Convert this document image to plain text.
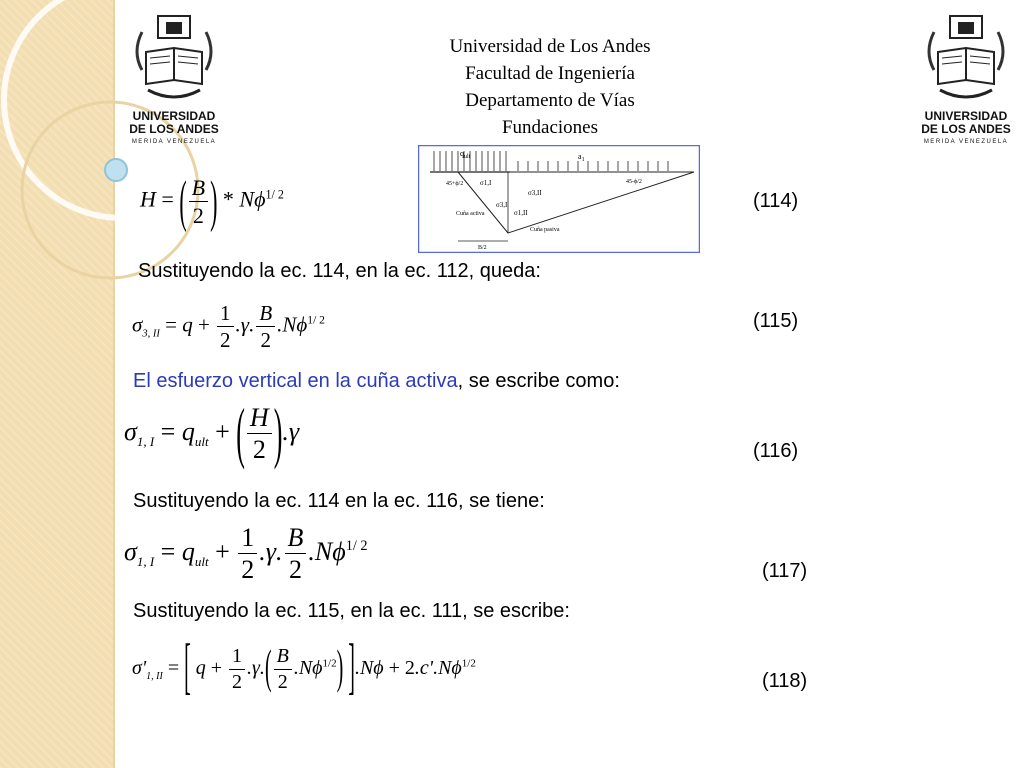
UNIVERSIDAD
DE LOS ANDES
MERIDA VENEZUELA
UNIVERSIDAD
DE LOS ANDES
MERIDA VENEZUELA
Universidad de Los Andes
Facultad de Ingeniería
Departamento de Vías
Fundaciones
$q_{ult}$	$a_1$
45+ϕ/2	45-ϕ/2
σ1,I
σ3,II
σ3,I
σ1,II
Cuña activa
Cuña pasiva
B/2
H = ( $\frac{B}{2}$ ) * $N\phi^{1/ 2}$	(114)
Sustituyendo la ec. 114, en la ec. 112, queda:
$\sigma_{3, II} = q + \frac{1}{2} .\gamma$. $\frac{B}{2} .N\phi^{1/ 2}$	(115)
El esfuerzo vertical en la cuña activa, se escribe como:
$\sigma_{1, I} = q_{ult}$ + ( $\frac{H}{2} ).\gamma$
(116)
Sustituyendo la ec. 114 en la ec. 116, se tiene:
$\sigma_{1, I} = q_{ult} + \frac{1}{2} .\gamma$. $\frac{B}{2} .N\phi^{1/ 2}$
(117)
Sustituyendo la ec. 115, en la ec. 111, se escribe:
$\sigma'_{1, II}$ = [ $q + \frac{1}{2} .\gamma.( \frac{B}{2} .N\phi^{1/2}) ].N\phi + 2.c'.N\phi^{1/2}$
(118)
